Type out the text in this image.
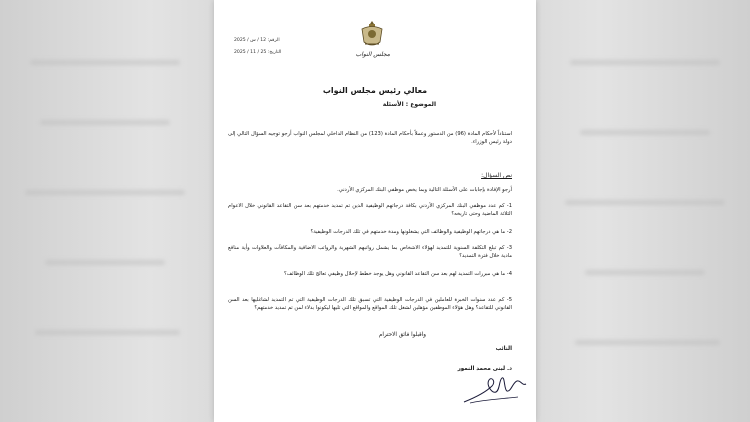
مجلس النواب
الرقم: 12 / س / 2025
التاريخ: 25 / 11 / 2025
معالي رئيس مجلس النواب
الموضوع : الأسئلة
استناداً لأحكام المادة (96) من الدستور وعملاً بأحكام المادة (123) من النظام الداخلي لمجلس النواب أرجو توجيه السؤال التالي إلى دولة رئيس الوزراء.
نص السؤال:
أرجو الإفادة بإجابات على الأسئلة التالية وبما يخص موظفي البنك المركزي الأردني.
1- كم عدد موظفي البنك المركزي الأردني بكافة درجاتهم الوظيفية الذين تم تمديد خدمتهم بعد سن التقاعد القانوني خلال الاعوام الثلاثة الماضية وحتى تاريخه؟
2- ما هي درجاتهم الوظيفية والوظائف التي يشغلونها ومدة خدمتهم في تلك الدرجات الوظيفية؟
3- كم تبلغ التكلفة السنوية للتمديد لهؤلاء الاشخاص بما يشمل رواتبهم الشهرية والرواتب الاضافية والمكافآت والعلاوات وأية منافع مادية خلال فترة التمديد؟
4- ما هي مبررات التمديد لهم بعد سن التقاعد القانوني وهل يوجد خطط لإحلال وظيفي تعالج تلك الوظائف؟
5- كم عدد سنوات الخبرة للعاملين في الدرجات الوظيفية التي تسبق تلك الدرجات الوظيفية التي تم التمديد لشاغليها بعد السن القانوني للتقاعد؟ وهل هؤلاء الموظفين مؤهلين لشغل تلك المواقع والمواقع التي تليها ليكونوا بدلاء لمن تم تمديد خدمتهم؟
واقبلوا فائق الاحترام
النائب
د. لبنى محمد النمور
